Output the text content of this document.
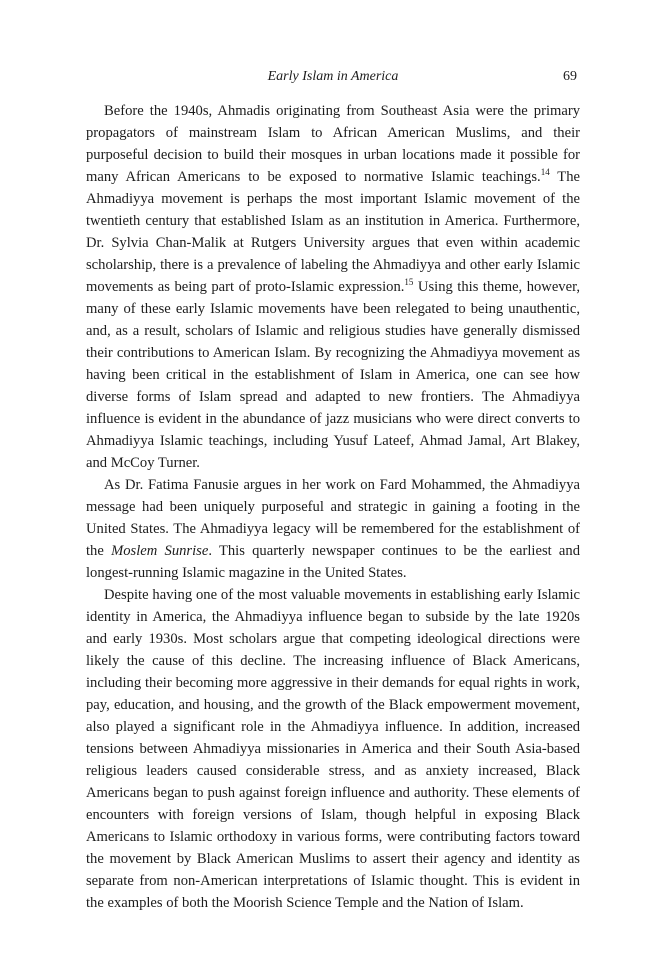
Early Islam in America	69

Before the 1940s, Ahmadis originating from Southeast Asia were the primary propagators of mainstream Islam to African American Muslims, and their purposeful decision to build their mosques in urban locations made it possible for many African Americans to be exposed to normative Islamic teachings.$^{14}$ The Ahmadiyya movement is perhaps the most important Islamic movement of the twentieth century that established Islam as an institution in America. Furthermore, Dr. Sylvia Chan-Malik at Rutgers University argues that even within academic scholarship, there is a prevalence of labeling the Ahmadiyya and other early Islamic movements as being part of proto-Islamic expression.$^{15}$ Using this theme, however, many of these early Islamic movements have been relegated to being unauthentic, and, as a result, scholars of Islamic and religious studies have generally dismissed their contributions to American Islam. By recognizing the Ahmadiyya movement as having been critical in the establishment of Islam in America, one can see how diverse forms of Islam spread and adapted to new frontiers. The Ahmadiyya influence is evident in the abundance of jazz musicians who were direct converts to Ahmadiyya Islamic teachings, including Yusuf Lateef, Ahmad Jamal, Art Blakey, and McCoy Turner.

As Dr. Fatima Fanusie argues in her work on Fard Mohammed, the Ahmadiyya message had been uniquely purposeful and strategic in gaining a footing in the United States. The Ahmadiyya legacy will be remembered for the establishment of the Moslem Sunrise. This quarterly newspaper continues to be the earliest and longest-running Islamic magazine in the United States.

Despite having one of the most valuable movements in establishing early Islamic identity in America, the Ahmadiyya influence began to subside by the late 1920s and early 1930s. Most scholars argue that competing ideological directions were likely the cause of this decline. The increasing influence of Black Americans, including their becoming more aggressive in their demands for equal rights in work, pay, education, and housing, and the growth of the Black empowerment movement, also played a significant role in the Ahmadiyya influence. In addition, increased tensions between Ahmadiyya missionaries in America and their South Asia-based religious leaders caused considerable stress, and as anxiety increased, Black Americans began to push against foreign influence and authority. These elements of encounters with foreign versions of Islam, though helpful in exposing Black Americans to Islamic orthodoxy in various forms, were contributing factors toward the movement by Black American Muslims to assert their agency and identity as separate from non-American interpretations of Islamic thought. This is evident in the examples of both the Moorish Science Temple and the Nation of Islam.
